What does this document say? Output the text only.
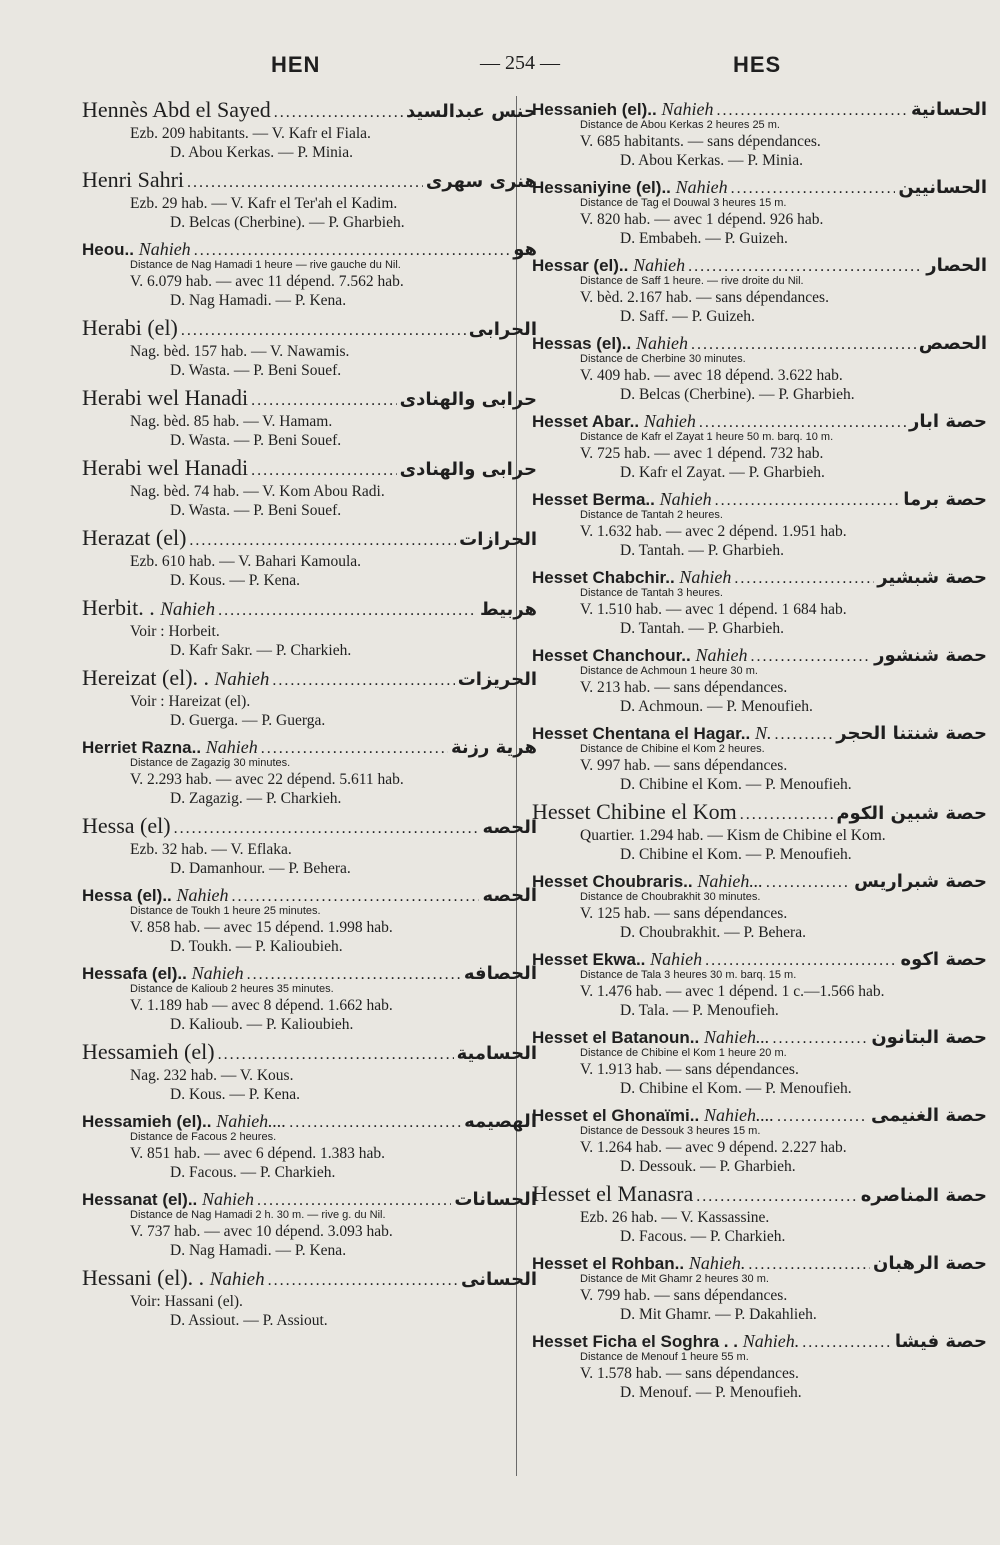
HEN	— 254 —	HES
Hennès Abd el Sayed .....	حنس عبدالسيد
Ezb. 209 habitants. — V. Kafr el Fiala.
D. Abou Kerkas. — P. Minia.
Henri Sahri .....	هنرى سهرى
Ezb. 29 hab. — V. Kafr el Ter'ah el Kadim.
D. Belcas (Cherbine). — P. Gharbieh.
Heou.. Nahieh .....	هو
Distance de Nag Hamadi 1 heure — rive gauche du Nil.
V. 6.079 hab. — avec 11 dépend. 7.562 hab.
D. Nag Hamadi. — P. Kena.
Herabi (el) .....	الحرابى
Nag. bèd. 157 hab. — V. Nawamis.
D. Wasta. — P. Beni Souef.
Herabi wel Hanadi .....	حرابى والهنادى
Nag. bèd. 85 hab. — V. Hamam.
D. Wasta. — P. Beni Souef.
Herabi wel Hanadi .....	حرابى والهنادى
Nag. bèd. 74 hab. — V. Kom Abou Radi.
D. Wasta. — P. Beni Souef.
Herazat (el) .....	الحرازات
Ezb. 610 hab. — V. Bahari Kamoula.
D. Kous. — P. Kena.
Herbit. . Nahieh .....	هربيط
Voir : Horbeit.
D. Kafr Sakr. — P. Charkieh.
Hereizat (el). . Nahieh .....	الحريزات
Voir : Hareizat (el).
D. Guerga. — P. Guerga.
Herriet Razna.. Nahieh .....	هرية رزنة
Distance de Zagazig 30 minutes.
V. 2.293 hab. — avec 22 dépend. 5.611 hab.
D. Zagazig. — P. Charkieh.
Hessa (el) .....	الحصه
Ezb. 32 hab. — V. Eflaka.
D. Damanhour. — P. Behera.
Hessa (el).. Nahieh .....	الحصه
Distance de Toukh 1 heure 25 minutes.
V. 858 hab. — avec 15 dépend. 1.998 hab.
D. Toukh. — P. Kalioubieh.
Hessafa (el).. Nahieh .....	الحصافه
Distance de Kalioub 2 heures 35 minutes.
V. 1.189 hab — avec 8 dépend. 1.662 hab.
D. Kalioub. — P. Kalioubieh.
Hessamieh (el) .....	الحسامية
Nag. 232 hab. — V. Kous.
D. Kous. — P. Kena.
Hessamieh (el).. Nahieh.... .....	الهصيمه
Distance de Facous 2 heures.
V. 851 hab. — avec 6 dépend. 1.383 hab.
D. Facous. — P. Charkieh.
Hessanat (el).. Nahieh .....	الحسانات
Distance de Nag Hamadi 2 h. 30 m. — rive g. du Nil.
V. 737 hab. — avec 10 dépend. 3.093 hab.
D. Nag Hamadi. — P. Kena.
Hessani (el). . Nahieh .....	الحسانى
Voir: Hassani (el).
D. Assiout. — P. Assiout.
Hessanieh (el).. Nahieh .....	الحسانية
Distance de Abou Kerkas 2 heures 25 m.
V. 685 habitants. — sans dépendances.
D. Abou Kerkas. — P. Minia.
Hessaniyine (el).. Nahieh .....	الحسانيين
Distance de Tag el Douwal 3 heures 15 m.
V. 820 hab. — avec 1 dépend. 926 hab.
D. Embabeh. — P. Guizeh.
Hessar (el).. Nahieh .....	الحصار
Distance de Saff 1 heure. — rive droite du Nil.
V. bèd. 2.167 hab. — sans dépendances.
D. Saff. — P. Guizeh.
Hessas (el).. Nahieh .....	الحصص
Distance de Cherbine 30 minutes.
V. 409 hab. — avec 18 dépend. 3.622 hab.
D. Belcas (Cherbine). — P. Gharbieh.
Hesset Abar.. Nahieh .....	حصة ابار
Distance de Kafr el Zayat 1 heure 50 m. barq. 10 m.
V. 725 hab. — avec 1 dépend. 732 hab.
D. Kafr el Zayat. — P. Gharbieh.
Hesset Berma.. Nahieh .....	حصة برما
Distance de Tantah 2 heures.
V. 1.632 hab. — avec 2 dépend. 1.951 hab.
D. Tantah. — P. Gharbieh.
Hesset Chabchir.. Nahieh .....	حصة شبشير
Distance de Tantah 3 heures.
V. 1.510 hab. — avec 1 dépend. 1 684 hab.
D. Tantah. — P. Gharbieh.
Hesset Chanchour.. Nahieh .....	حصة شنشور
Distance de Achmoun 1 heure 30 m.
V. 213 hab. — sans dépendances.
D. Achmoun. — P. Menoufieh.
Hesset Chentana el Hagar.. N. .....	حصة شنتنا الحجر
Distance de Chibine el Kom 2 heures.
V. 997 hab. — sans dépendances.
D. Chibine el Kom. — P. Menoufieh.
Hesset Chibine el Kom .....	حصة شبين الكوم
Quartier. 1.294 hab. — Kism de Chibine el Kom.
D. Chibine el Kom. — P. Menoufieh.
Hesset Choubraris.. Nahieh... .....	حصة شبراريس
Distance de Choubrakhit 30 minutes.
V. 125 hab. — sans dépendances.
D. Choubrakhit. — P. Behera.
Hesset Ekwa.. Nahieh .....	حصة اكوه
Distance de Tala 3 heures 30 m. barq. 15 m.
V. 1.476 hab. — avec 1 dépend. 1 c.—1.566 hab.
D. Tala. — P. Menoufieh.
Hesset el Batanoun.. Nahieh... .....	حصة البتانون
Distance de Chibine el Kom 1 heure 20 m.
V. 1.913 hab. — sans dépendances.
D. Chibine el Kom. — P. Menoufieh.
Hesset el Ghonaïmi.. Nahieh.... .....	حصة الغنيمى
Distance de Dessouk 3 heures 15 m.
V. 1.264 hab. — avec 9 dépend. 2.227 hab.
D. Dessouk. — P. Gharbieh.
Hesset el Manasra .....	حصة المناصره
Ezb. 26 hab. — V. Kassassine.
D. Facous. — P. Charkieh.
Hesset el Rohban.. Nahieh. .....	حصة الرهبان
Distance de Mit Ghamr 2 heures 30 m.
V. 799 hab. — sans dépendances.
D. Mit Ghamr. — P. Dakahlieh.
Hesset Ficha el Soghra . . Nahieh. .....	حصة فيشا
Distance de Menouf 1 heure 55 m.
V. 1.578 hab. — sans dépendances.
D. Menouf. — P. Menoufieh.
